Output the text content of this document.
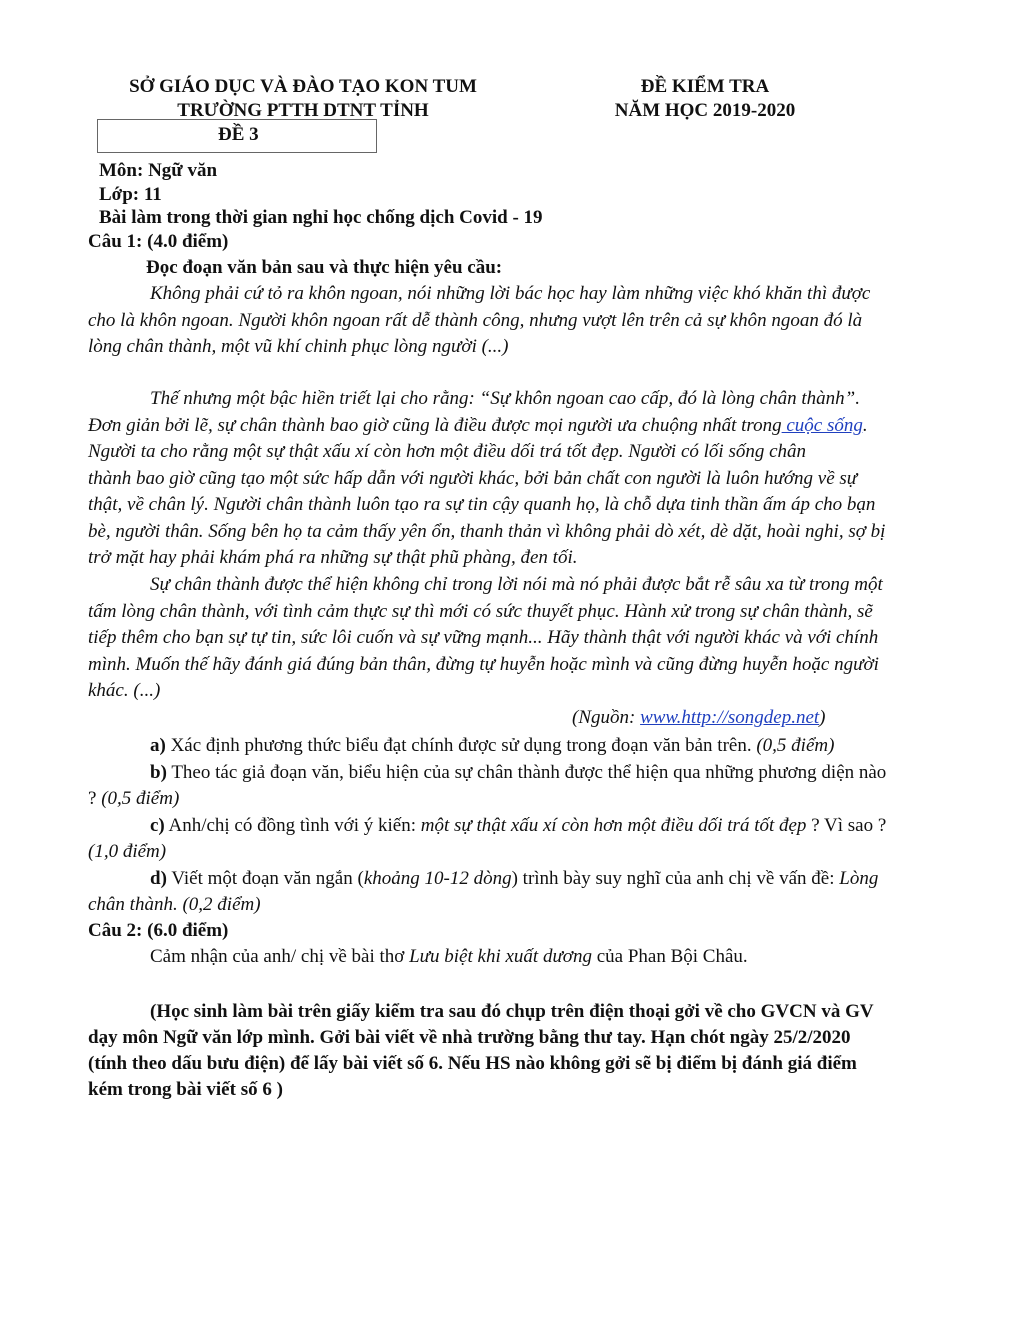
SỞ GIÁO DỤC VÀ ĐÀO TẠO KON TUM
TRƯỜNG PTTH DTNT TỈNH
ĐỀ 3
ĐỀ KIỂM TRA
NĂM HỌC 2019-2020
Môn: Ngữ văn
Lớp: 11
Bài làm trong thời gian nghỉ học chống dịch Covid - 19
Câu 1: (4.0 điểm)
Đọc đoạn văn bản sau và thực hiện yêu cầu:
Không phải cứ tỏ ra khôn ngoan, nói những lời bác học hay làm những việc khó khăn thì được
cho là khôn ngoan. Người khôn ngoan rất dễ thành công, nhưng vượt lên trên cả sự khôn ngoan đó là
lòng chân thành, một vũ khí chinh phục lòng người (...)
Thế nhưng một bậc hiền triết lại cho rằng: “Sự khôn ngoan cao cấp, đó là lòng chân thành”.
Đơn giản bởi lẽ, sự chân thành bao giờ cũng là điều được mọi người ưa chuộng nhất trong cuộc sống.
Người ta cho rằng một sự thật xấu xí còn hơn một điều dối trá tốt đẹp. Người có lối sống chân
thành bao giờ cũng tạo một sức hấp dẫn với người khác, bởi bản chất con người là luôn hướng về sự
thật, về chân lý. Người chân thành luôn tạo ra sự tin cậy quanh họ, là chỗ dựa tinh thần ấm áp cho bạn
bè, người thân. Sống bên họ ta cảm thấy yên ổn, thanh thản vì không phải dò xét, dè dặt, hoài nghi, sợ bị
trở mặt hay phải khám phá ra những sự thật phũ phàng, đen tối.
Sự chân thành được thể hiện không chỉ trong lời nói mà nó phải được bắt rễ sâu xa từ trong một
tấm lòng chân thành, với tình cảm thực sự thì mới có sức thuyết phục. Hành xử trong sự chân thành, sẽ
tiếp thêm cho bạn sự tự tin, sức lôi cuốn và sự vững mạnh... Hãy thành thật với người khác và với chính
mình. Muốn thế hãy đánh giá đúng bản thân, đừng tự huyễn hoặc mình và cũng đừng huyễn hoặc người
khác. (...)
(Nguồn: www.http://songdep.net)
a) Xác định phương thức biểu đạt chính được sử dụng trong đoạn văn bản trên. (0,5 điểm)
b) Theo tác giả đoạn văn, biểu hiện của sự chân thành được thể hiện qua những phương diện nào
? (0,5 điểm)
c) Anh/chị có đồng tình với ý kiến: một sự thật xấu xí còn hơn một điều dối trá tốt đẹp ? Vì sao ?
(1,0 điểm)
d) Viết một đoạn văn ngắn (khoảng 10-12 dòng) trình bày suy nghĩ của anh chị về vấn đề: Lòng
chân thành. (0,2 điểm)
Câu 2: (6.0 điểm)
Cảm nhận của anh/ chị về bài thơ Lưu biệt khi xuất dương của Phan Bội Châu.
(Học sinh làm bài trên giấy kiểm tra sau đó chụp trên điện thoại gởi về cho GVCN và GV
dạy môn Ngữ văn lớp mình. Gởi bài viết về nhà trường bằng thư tay. Hạn chót ngày 25/2/2020
(tính theo dấu bưu điện) để lấy bài viết số 6. Nếu HS nào không gởi sẽ bị điểm bị đánh giá điểm
kém trong bài viết số 6 )
